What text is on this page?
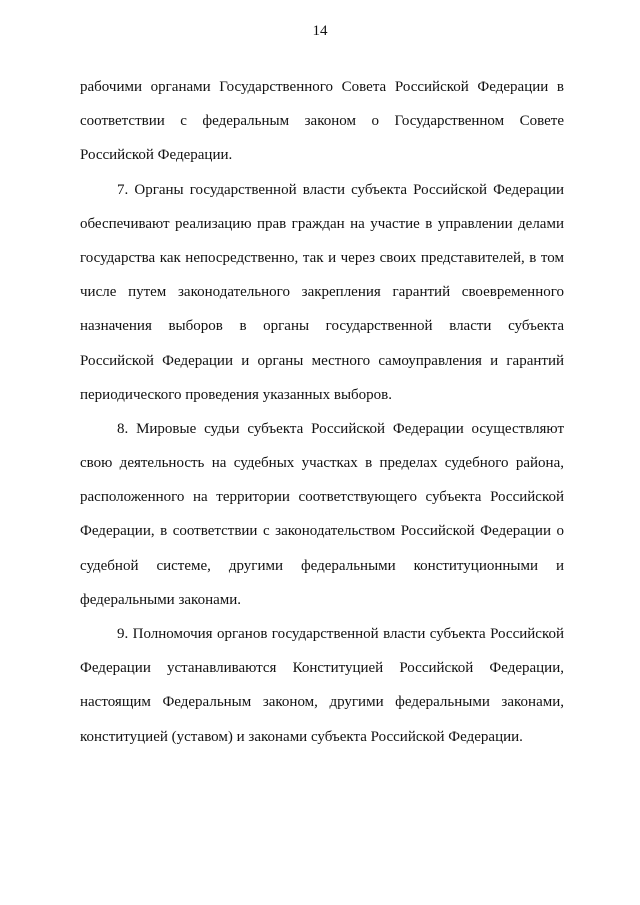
14
рабочими органами Государственного Совета Российской Федерации в
соответствии с федеральным законом о Государственном Совете
Российской Федерации.
7. Органы государственной власти субъекта Российской Федерации
обеспечивают реализацию прав граждан на участие в управлении делами
государства как непосредственно, так и через своих представителей, в том
числе путем законодательного закрепления гарантий своевременного
назначения выборов в органы государственной власти субъекта
Российской Федерации и органы местного самоуправления и гарантий
периодического проведения указанных выборов.
8. Мировые судьи субъекта Российской Федерации осуществляют
свою деятельность на судебных участках в пределах судебного района,
расположенного на территории соответствующего субъекта Российской
Федерации, в соответствии с законодательством Российской Федерации о
судебной системе, другими федеральными конституционными и
федеральными законами.
9. Полномочия органов государственной власти субъекта Российской
Федерации устанавливаются Конституцией Российской Федерации,
настоящим Федеральным законом, другими федеральными законами,
конституцией (уставом) и законами субъекта Российской Федерации.
